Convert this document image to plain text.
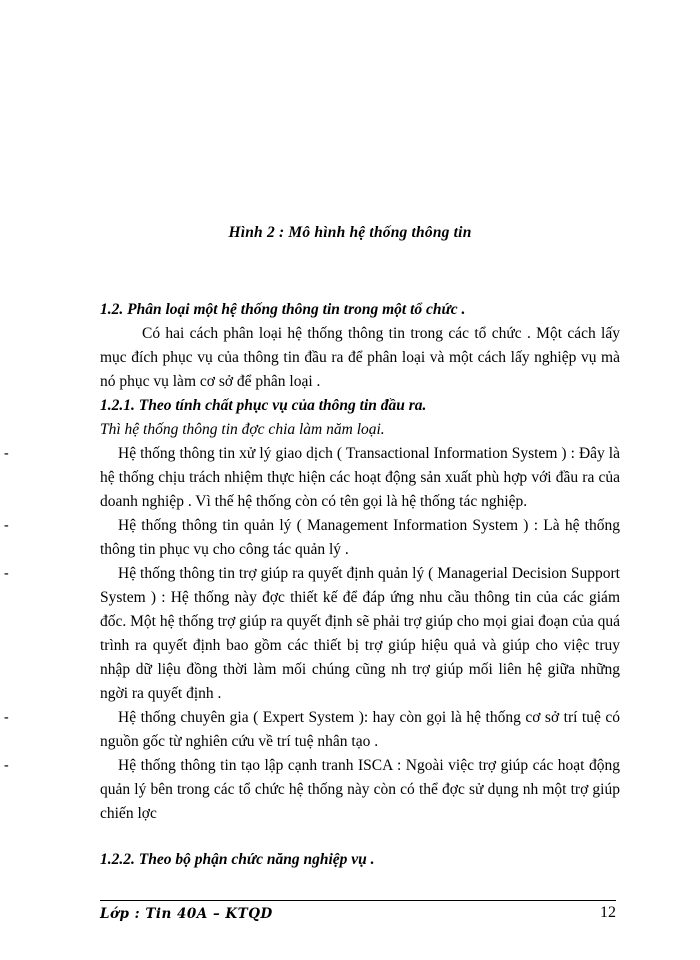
Hình 2 : Mô hình hệ thống thông tin

1.2. Phân loại một hệ thống thông tin trong một tổ chức .

Có hai cách phân loại hệ thống thông tin trong các tổ chức . Một cách lấy mục đích phục vụ của thông tin đầu ra để phân loại và một cách lấy nghiệp vụ mà nó phục vụ làm cơ sở để phân loại .

1.2.1. Theo tính chất phục vụ của thông tin đầu ra.

Thì hệ thống thông tin đợc chia làm năm loại.

-	Hệ thống thông tin xử lý giao dịch ( Transactional Information System ) : Đây là hệ thống chịu trách nhiệm thực hiện các hoạt động sản xuất phù hợp với đầu ra của doanh nghiệp . Vì thế hệ thống còn có tên gọi là hệ thống tác nghiệp.

-	Hệ thống thông tin quản lý ( Management Information System ) : Là hệ thống thông tin phục vụ cho công tác quản lý .

-	Hệ thống thông tin trợ giúp ra quyết định quản lý ( Managerial Decision Support System ) : Hệ thống này đợc thiết kế để đáp ứng nhu cầu thông tin của các giám đốc. Một hệ thống trợ giúp ra quyết định sẽ phải trợ giúp cho mọi giai đoạn của quá trình ra quyết định bao gồm các thiết bị trợ giúp hiệu quả và giúp cho việc truy nhập dữ liệu đồng thời làm mối chúng cũng nh trợ giúp mối liên hệ giữa những ngời ra quyết định .

-	Hệ thống chuyên gia ( Expert System ): hay còn gọi là hệ thống cơ sở trí tuệ có nguồn gốc từ nghiên cứu về trí tuệ nhân tạo .

-	Hệ thống thông tin tạo lập cạnh tranh ISCA : Ngoài việc trợ giúp các hoạt động quản lý bên trong các tổ chức hệ thống này còn có thể đợc sử dụng nh một trợ giúp chiến lợc

1.2.2. Theo bộ phận chức năng nghiệp vụ .

Lớp : Tin 40A – KTQD	12
